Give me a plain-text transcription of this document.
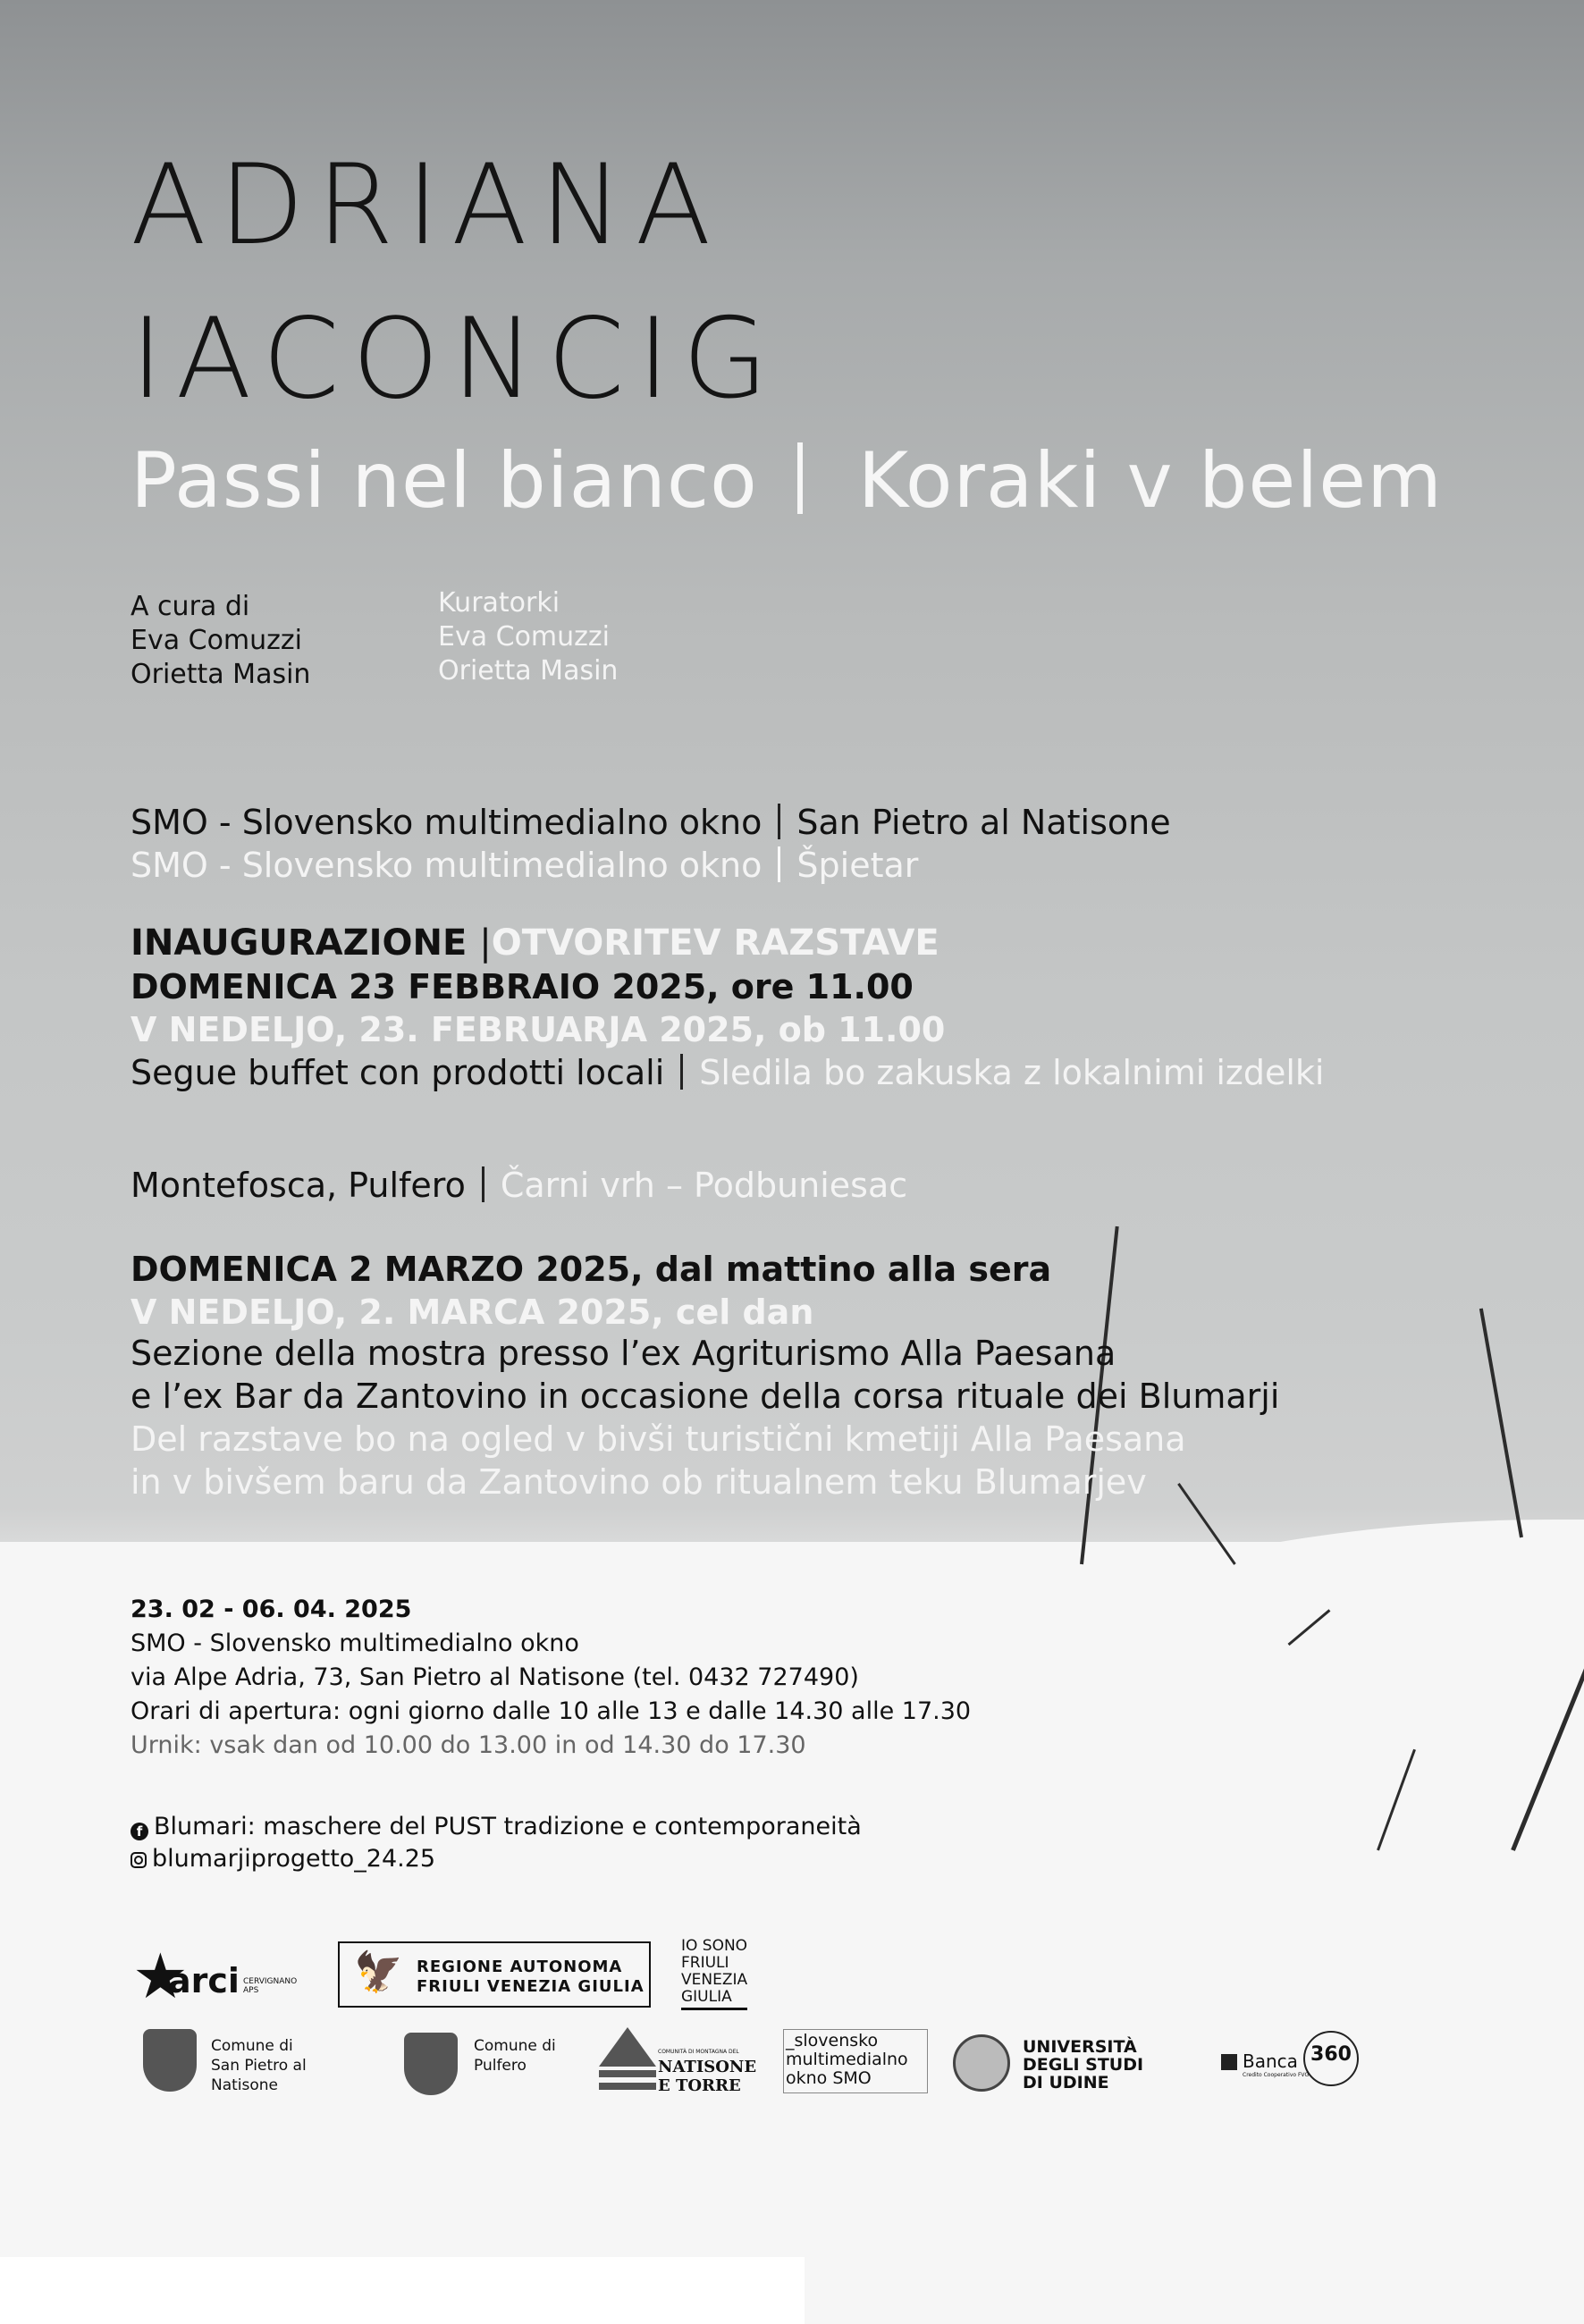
ADRIANA
IACONCIG
Passi nel bianco Koraki v belem
A cura di
Eva Comuzzi
Orietta Masin
Kuratorki
Eva Comuzzi
Orietta Masin
SMO - Slovensko multimedialno okno San Pietro al Natisone
SMO - Slovensko multimedialno okno Špietar
INAUGURAZIONE |OTVORITEV RAZSTAVE
DOMENICA 23 FEBBRAIO 2025, ore 11.00
V NEDELJO, 23. FEBRUARJA 2025, ob 11.00
Segue buffet con prodotti locali Sledila bo zakuska z lokalnimi izdelki
Montefosca, Pulfero Čarni vrh – Podbuniesac
DOMENICA 2 MARZO 2025, dal mattino alla sera
V NEDELJO, 2. MARCA 2025, cel dan
Sezione della mostra presso l’ex Agriturismo Alla Paesana
e l’ex Bar da Zantovino in occasione della corsa rituale dei Blumarji
Del razstave bo na ogled v bivši turistični kmetiji Alla Paesana
in v bivšem baru da Zantovino ob ritualnem teku Blumarjev
23. 02 - 06. 04. 2025
SMO - Slovensko multimedialno okno
via Alpe Adria, 73, San Pietro al Natisone (tel. 0432 727490)
Orari di apertura: ogni giorno dalle 10 alle 13 e dalle 14.30 alle 17.30
Urnik: vsak dan od 10.00 do 13.00 in od 14.30 do 17.30
f Blumari: maschere del PUST tradizione e contemporaneità
blumarjiprogetto_24.25
★
arci CERVIGNANO APS	🦅 REGIONE AUTONOMA
FRIULI VENEZIA GIULIA
IO SONO
FRIULI
VENEZIA
GIULIA
Comune di
San Pietro al Natisone
Comune di
Pulfero
COMUNITÀ DI MONTAGNA DEL
NATISONE
E TORRE
_slovensko
multimedialno
okno SMO
UNIVERSITÀ
DEGLI STUDI
DI UDINE
Banca 360
Credito Cooperativo FVG
